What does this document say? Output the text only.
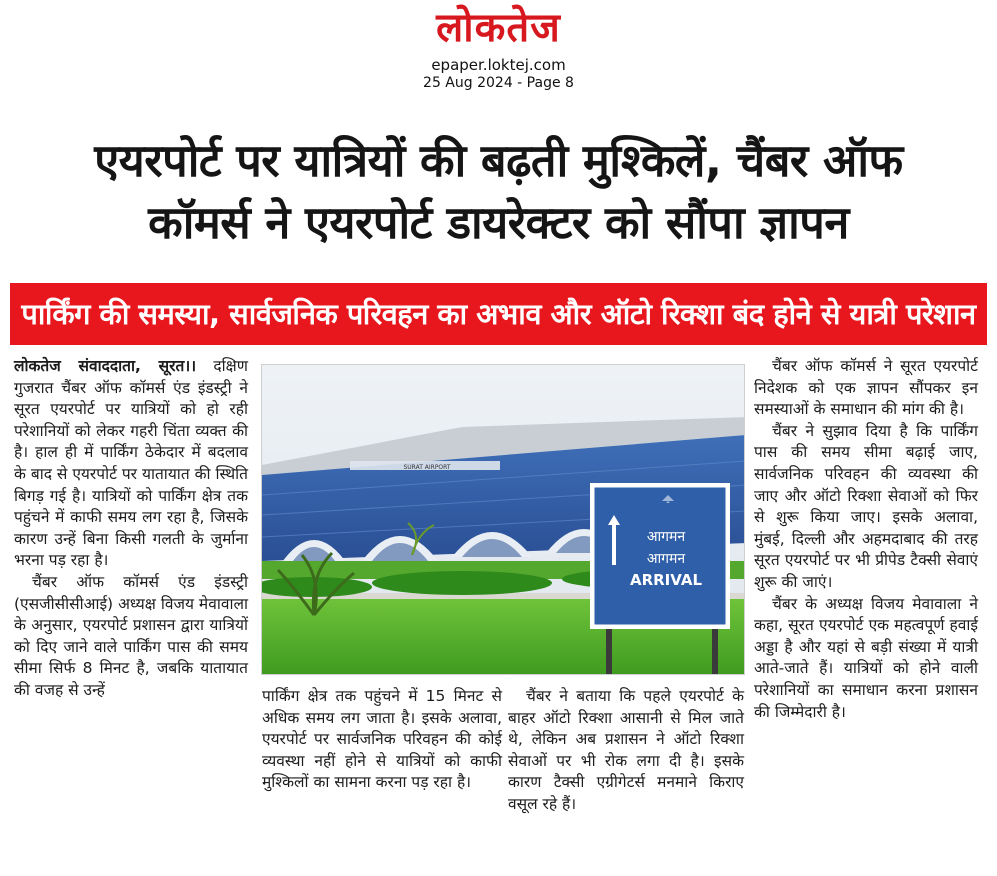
लोकतेज
epaper.loktej.com
25 Aug 2024 - Page 8
एयरपोर्ट पर यात्रियों की बढ़ती मुश्किलें, चैंबर ऑफ
कॉमर्स ने एयरपोर्ट डायरेक्टर को सौंपा ज्ञापन
पार्किंग की समस्या, सार्वजनिक परिवहन का अभाव और ऑटो रिक्शा बंद होने से यात्री परेशान

लोकतेज संवाददाता, सूरत।। दक्षिण गुजरात चैंबर ऑफ कॉमर्स एंड इंडस्ट्री ने सूरत एयरपोर्ट पर यात्रियों को हो रही परेशानियों को लेकर गहरी चिंता व्यक्त की है। हाल ही में पार्किंग ठेकेदार में बदलाव के बाद से एयरपोर्ट पर यातायात की स्थिति बिगड़ गई है। यात्रियों को पार्किंग क्षेत्र तक पहुंचने में काफी समय लग रहा है, जिसके कारण उन्हें बिना किसी गलती के जुर्माना भरना पड़ रहा है।

चैंबर ऑफ कॉमर्स एंड इंडस्ट्री (एसजीसीसीआई) अध्यक्ष विजय मेवावाला के अनुसार, एयरपोर्ट प्रशासन द्वारा यात्रियों को दिए जाने वाले पार्किंग पास की समय सीमा सिर्फ 8 मिनट है, जबकि यातायात की वजह से उन्हें

SURAT AIRPORT
आगमन
आगमन
ARRIVAL

पार्किंग क्षेत्र तक पहुंचने में 15 मिनट से अधिक समय लग जाता है। इसके अलावा, एयरपोर्ट पर सार्वजनिक परिवहन की कोई व्यवस्था नहीं होने से यात्रियों को काफी मुश्किलों का सामना करना पड़ रहा है।

चैंबर ने बताया कि पहले एयरपोर्ट के बाहर ऑटो रिक्शा आसानी से मिल जाते थे, लेकिन अब प्रशासन ने ऑटो रिक्शा सेवाओं पर भी रोक लगा दी है। इसके कारण टैक्सी एग्रीगेटर्स मनमाने किराए वसूल रहे हैं।

चैंबर ऑफ कॉमर्स ने सूरत एयरपोर्ट निदेशक को एक ज्ञापन सौंपकर इन समस्याओं के समाधान की मांग की है।

चैंबर ने सुझाव दिया है कि पार्किंग पास की समय सीमा बढ़ाई जाए, सार्वजनिक परिवहन की व्यवस्था की जाए और ऑटो रिक्शा सेवाओं को फिर से शुरू किया जाए। इसके अलावा, मुंबई, दिल्ली और अहमदाबाद की तरह सूरत एयरपोर्ट पर भी प्रीपेड टैक्सी सेवाएं शुरू की जाएं।

चैंबर के अध्यक्ष विजय मेवावाला ने कहा, सूरत एयरपोर्ट एक महत्वपूर्ण हवाई अड्डा है और यहां से बड़ी संख्या में यात्री आते-जाते हैं। यात्रियों को होने वाली परेशानियों का समाधान करना प्रशासन की जिम्मेदारी है।
